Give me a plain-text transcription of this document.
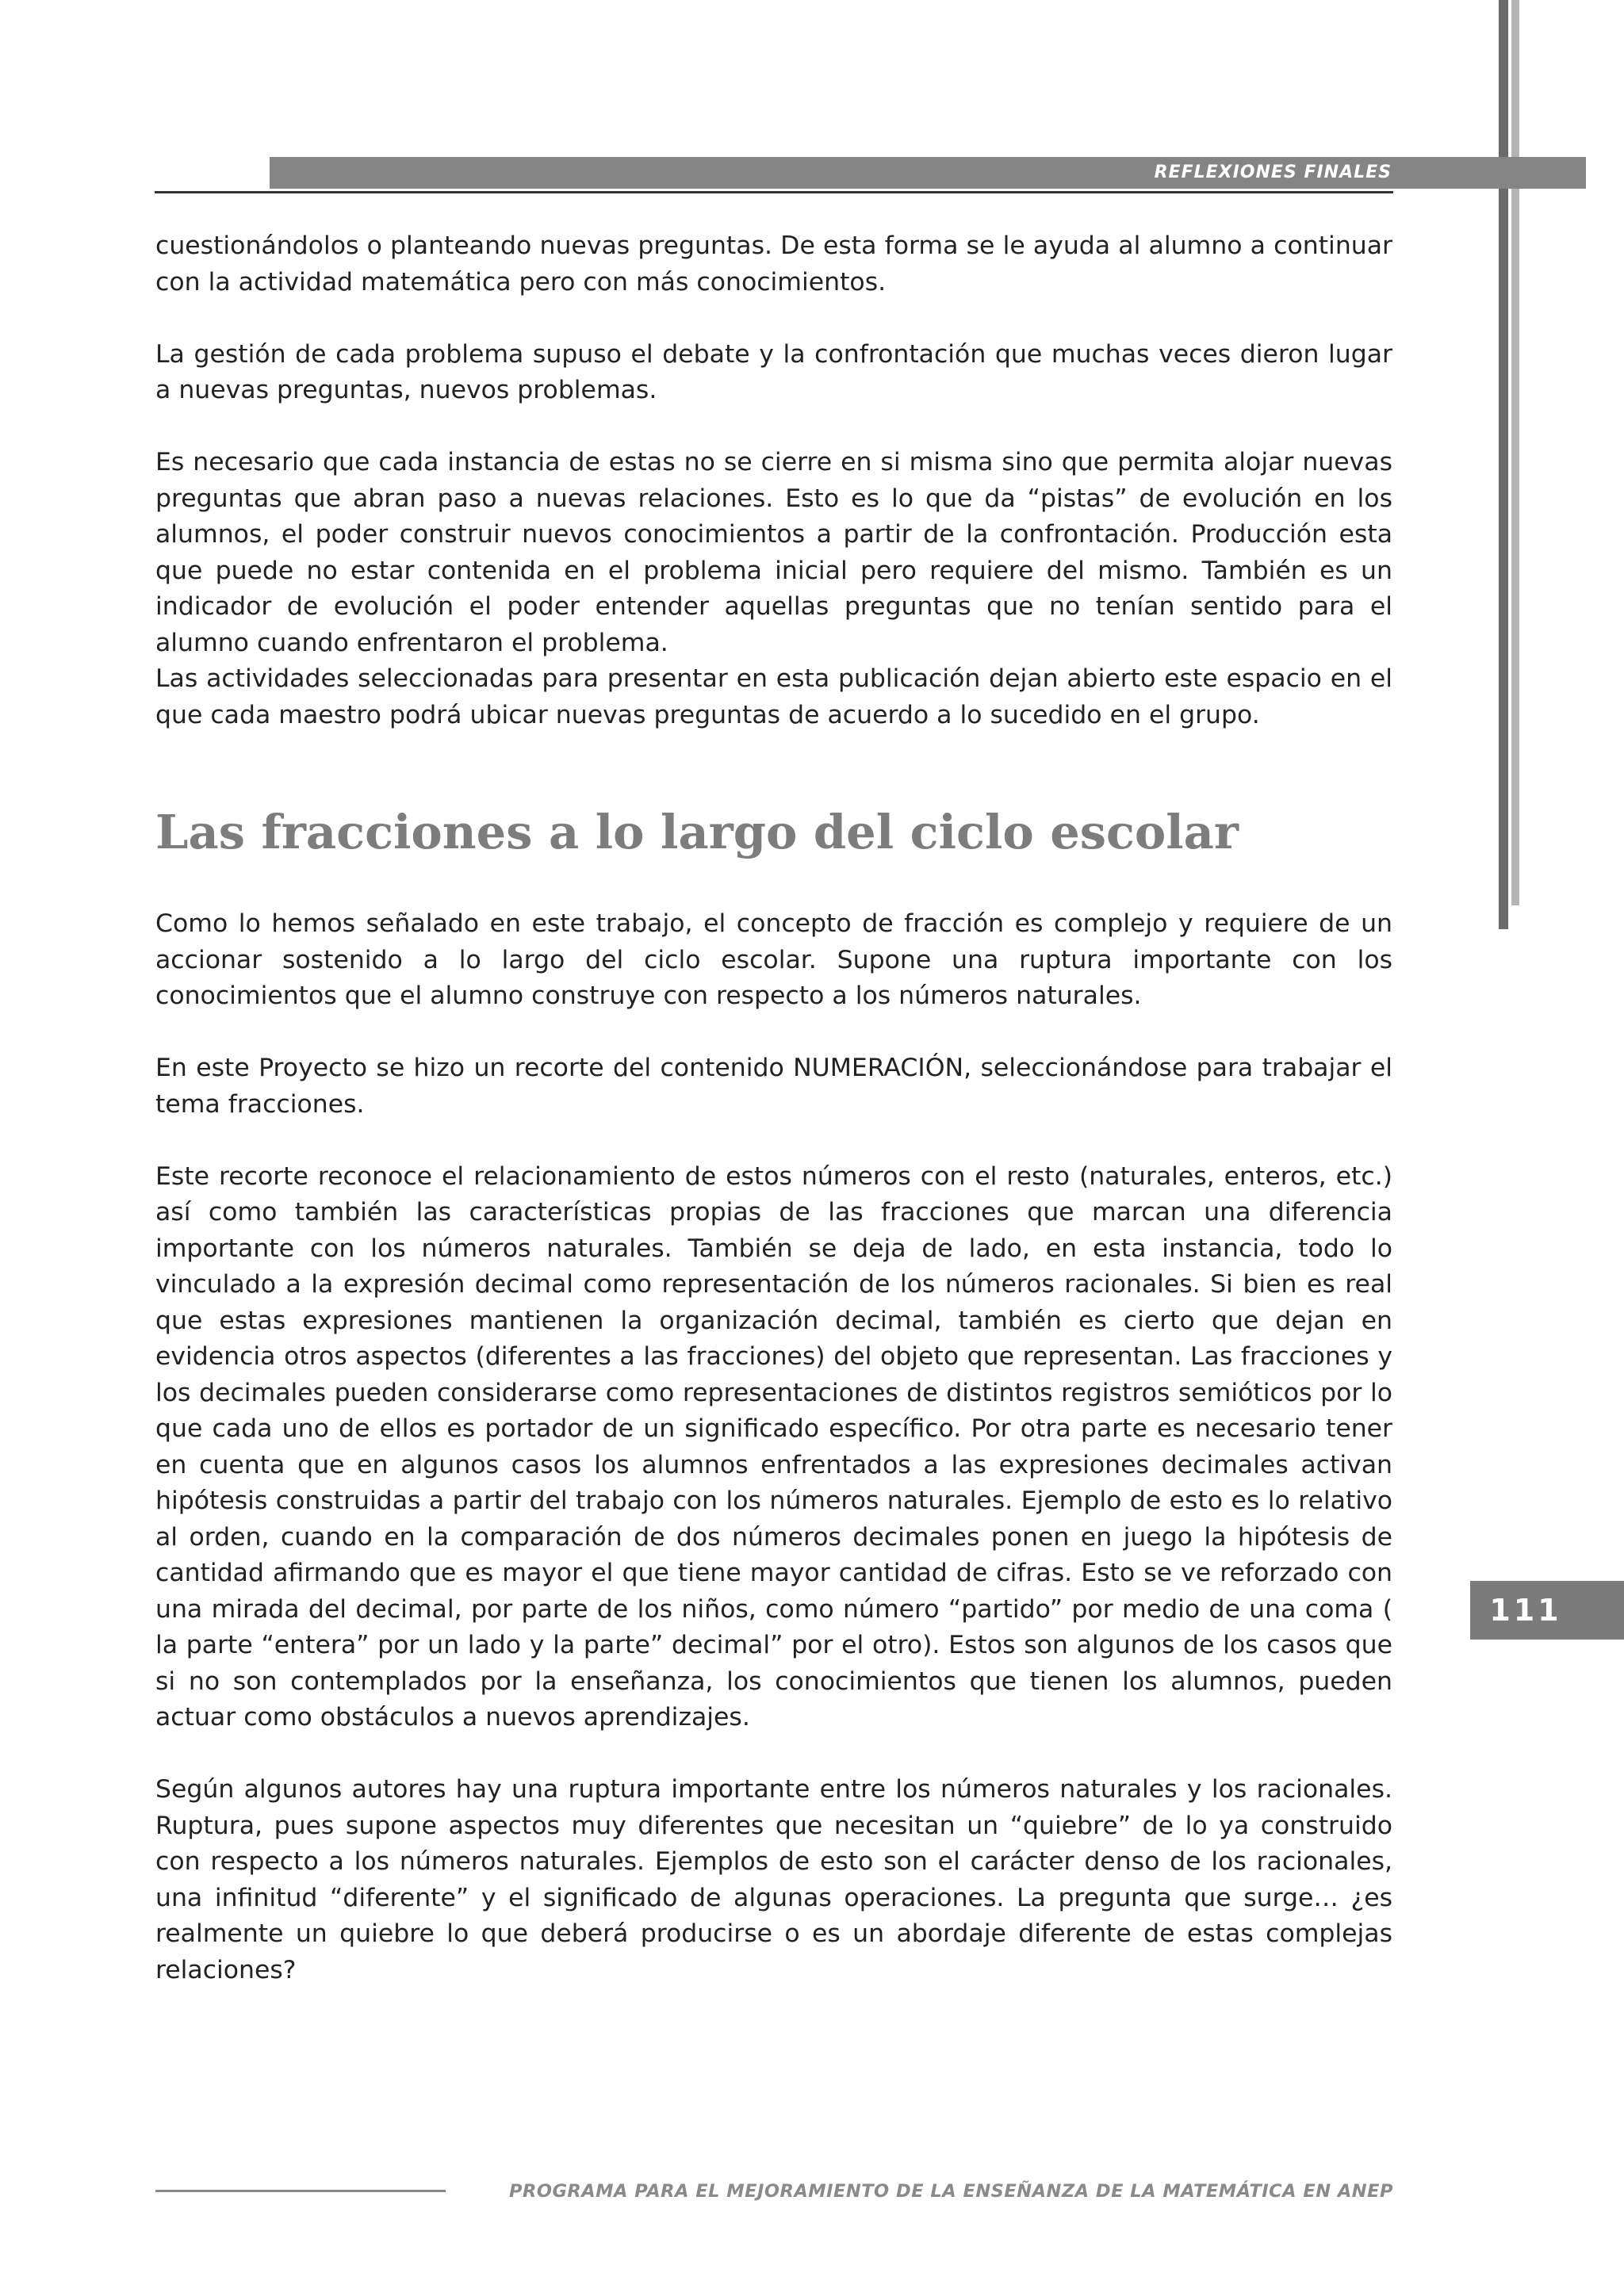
REFLEXIONES FINALES

cuestionándolos o planteando nuevas preguntas. De esta forma se le ayuda al alumno a continuar con la actividad matemática pero con más conocimientos.

La gestión de cada problema supuso el debate y la confrontación que muchas veces dieron lugar a nuevas preguntas, nuevos problemas.

Es necesario que cada instancia de estas no se cierre en si misma sino que permita alojar nuevas preguntas que abran paso a nuevas relaciones. Esto es lo que da “pistas” de evolución en los alumnos, el poder construir nuevos conocimientos a partir de la confrontación. Producción esta que puede no estar contenida en el problema inicial pero requiere del mismo. También es un indicador de evolución el poder entender aquellas preguntas que no tenían sentido para el alumno cuando enfrentaron el problema.

Las actividades seleccionadas para presentar en esta publicación dejan abierto este espacio en el que cada maestro podrá ubicar nuevas preguntas de acuerdo a lo sucedido en el grupo.

Las fracciones a lo largo del ciclo escolar

Como lo hemos señalado en este trabajo, el concepto de fracción es complejo y requiere de un accionar sostenido a lo largo del ciclo escolar. Supone una ruptura importante con los conocimientos que el alumno construye con respecto a los números naturales.

En este Proyecto se hizo un recorte del contenido NUMERACIÓN, seleccionándose para trabajar el tema fracciones.

Este recorte reconoce el relacionamiento de estos números con el resto (naturales, enteros, etc.) así como también las características propias de las fracciones que marcan una diferencia importante con los números naturales. También se deja de lado, en esta instancia, todo lo vinculado a la expresión decimal como representación de los números racionales. Si bien es real que estas expresiones mantienen la organización decimal, también es cierto que dejan en evidencia otros aspectos (diferentes a las fracciones) del objeto que representan. Las fracciones y los decimales pueden considerarse como representaciones de distintos registros semióticos por lo que cada uno de ellos es portador de un significado específico. Por otra parte es necesario tener en cuenta que en algunos casos los alumnos enfrentados a las expresiones decimales activan hipótesis construidas a partir del trabajo con los números naturales. Ejemplo de esto es lo relativo al orden, cuando en la comparación de dos números decimales ponen en juego la hipótesis de cantidad afirmando que es mayor el que tiene mayor cantidad de cifras. Esto se ve reforzado con una mirada del decimal, por parte de los niños, como número “partido” por medio de una coma ( la parte “entera” por un lado y la parte” decimal” por el otro). Estos son algunos de los casos que si no son contemplados por la enseñanza, los conocimientos que tienen los alumnos, pueden actuar como obstáculos a nuevos aprendizajes.

Según algunos autores hay una ruptura importante entre los números naturales y los racionales. Ruptura, pues supone aspectos muy diferentes que necesitan un “quiebre” de lo ya construido con respecto a los números naturales. Ejemplos de esto son el carácter denso de los racionales, una infinitud “diferente” y el significado de algunas operaciones. La pregunta que surge… ¿es realmente un quiebre lo que deberá producirse o es un abordaje diferente de estas complejas relaciones?

111
PROGRAMA PARA EL MEJORAMIENTO DE LA ENSEÑANZA DE LA MATEMÁTICA EN ANEP
